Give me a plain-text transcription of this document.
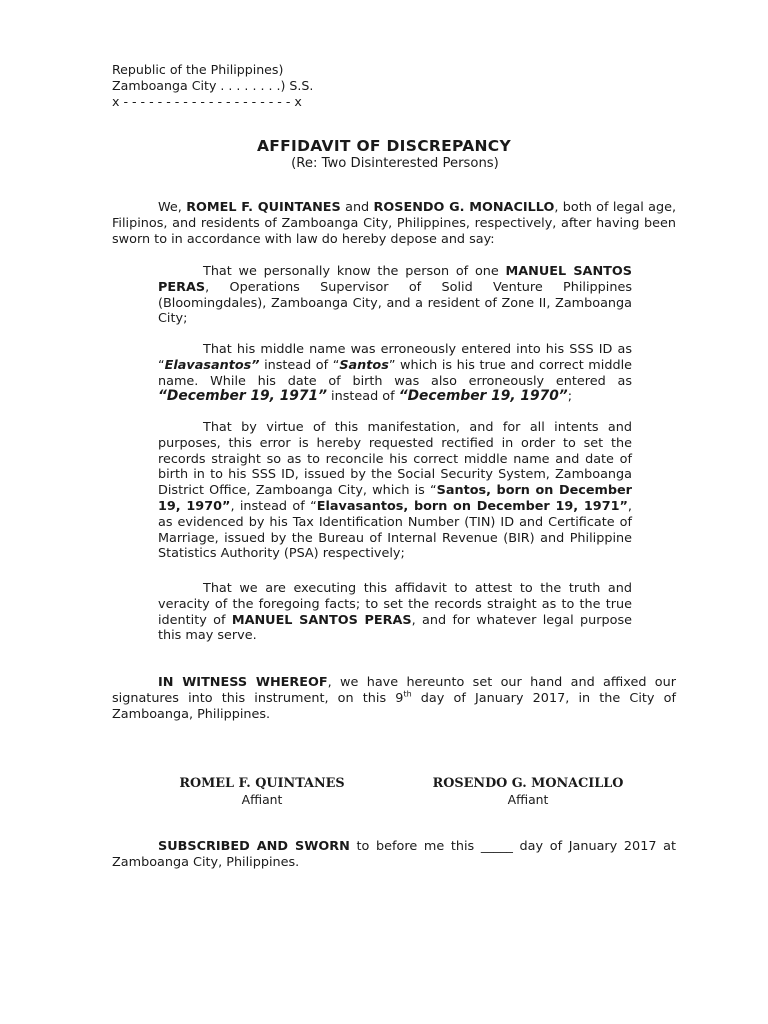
Republic of the Philippines)
Zamboanga City . . . . . . . .) S.S.
x - - - - - - - - - - - - - - - - - - - - x
AFFIDAVIT OF DISCREPANCY
(Re: Two Disinterested Persons)

We, ROMEL F. QUINTANES and ROSENDO G. MONACILLO, both of legal age, Filipinos, and residents of Zamboanga City, Philippines, respectively, after having been sworn to in accordance with law do hereby depose and say:

That we personally know the person of one MANUEL SANTOS PERAS, Operations Supervisor of Solid Venture Philippines (Bloomingdales), Zamboanga City, and a resident of Zone II, Zamboanga City;

That his middle name was erroneously entered into his SSS ID as “Elavasantos” instead of “Santos” which is his true and correct middle name. While his date of birth was also erroneously entered as “December 19, 1971” instead of “December 19, 1970”;

That by virtue of this manifestation, and for all intents and purposes, this error is hereby requested rectified in order to set the records straight so as to reconcile his correct middle name and date of birth in to his SSS ID, issued by the Social Security System, Zamboanga District Office, Zamboanga City, which is “Santos, born on December 19, 1970”, instead of “Elavasantos, born on December 19, 1971”, as evidenced by his Tax Identification Number (TIN) ID and Certificate of Marriage, issued by the Bureau of Internal Revenue (BIR) and Philippine Statistics Authority (PSA) respectively;

That we are executing this affidavit to attest to the truth and veracity of the foregoing facts; to set the records straight as to the true identity of MANUEL SANTOS PERAS, and for whatever legal purpose this may serve.

IN WITNESS WHEREOF, we have hereunto set our hand and affixed our signatures into this instrument, on this 9th day of January 2017, in the City of Zamboanga, Philippines.

ROMEL F. QUINTANES
Affiant
ROSENDO G. MONACILLO
Affiant

SUBSCRIBED AND SWORN to before me this _____ day of January 2017 at Zamboanga City, Philippines.
